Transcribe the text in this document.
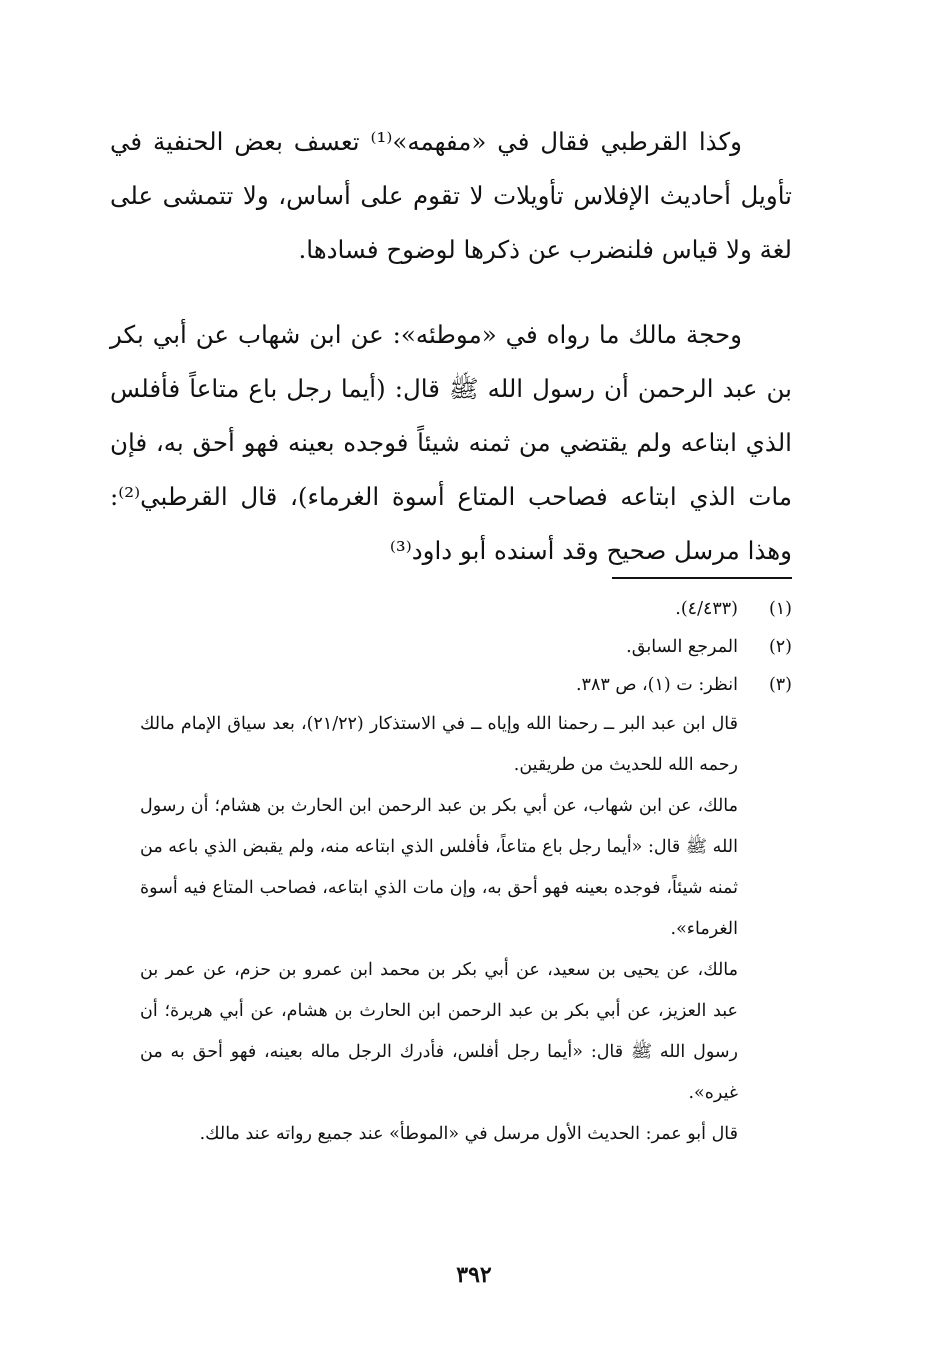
وكذا القرطبي فقال في «مفهمه»⁽¹⁾ تعسف بعض الحنفية في تأويل أحاديث الإفلاس تأويلات لا تقوم على أساس، ولا تتمشى على لغة ولا قياس فلنضرب عن ذكرها لوضوح فسادها.

وحجة مالك ما رواه في «موطئه»: عن ابن شهاب عن أبي بكر بن عبد الرحمن أن رسول الله ﷺ قال: (أيما رجل باع متاعاً فأفلس الذي ابتاعه ولم يقتضي من ثمنه شيئاً فوجده بعينه فهو أحق به، فإن مات الذي ابتاعه فصاحب المتاع أسوة الغرماء)، قال القرطبي⁽²⁾: وهذا مرسل صحيح وقد أسنده أبو داود⁽³⁾

(١)
(٤/٤٣٣).
(٢)
المرجع السابق.
(٣)
انظر: ت (١)، ص ٣٨٣.

قال ابن عبد البر ــ رحمنا الله وإياه ــ في الاستذكار (٢١/٢٢)، بعد سياق الإمام مالك رحمه الله للحديث من طريقين.

مالك، عن ابن شهاب، عن أبي بكر بن عبد الرحمن ابن الحارث بن هشام؛ أن رسول الله ﷺ قال: «أيما رجل باع متاعاً، فأفلس الذي ابتاعه منه، ولم يقبض الذي باعه من ثمنه شيئاً، فوجده بعينه فهو أحق به، وإن مات الذي ابتاعه، فصاحب المتاع فيه أسوة الغرماء».

مالك، عن يحيى بن سعيد، عن أبي بكر بن محمد ابن عمرو بن حزم، عن عمر بن عبد العزيز، عن أبي بكر بن عبد الرحمن ابن الحارث بن هشام، عن أبي هريرة؛ أن رسول الله ﷺ قال: «أيما رجل أفلس، فأدرك الرجل ماله بعينه، فهو أحق به من غيره».

قال أبو عمر: الحديث الأول مرسل في «الموطأ» عند جميع رواته عند مالك.

٣٩٢
